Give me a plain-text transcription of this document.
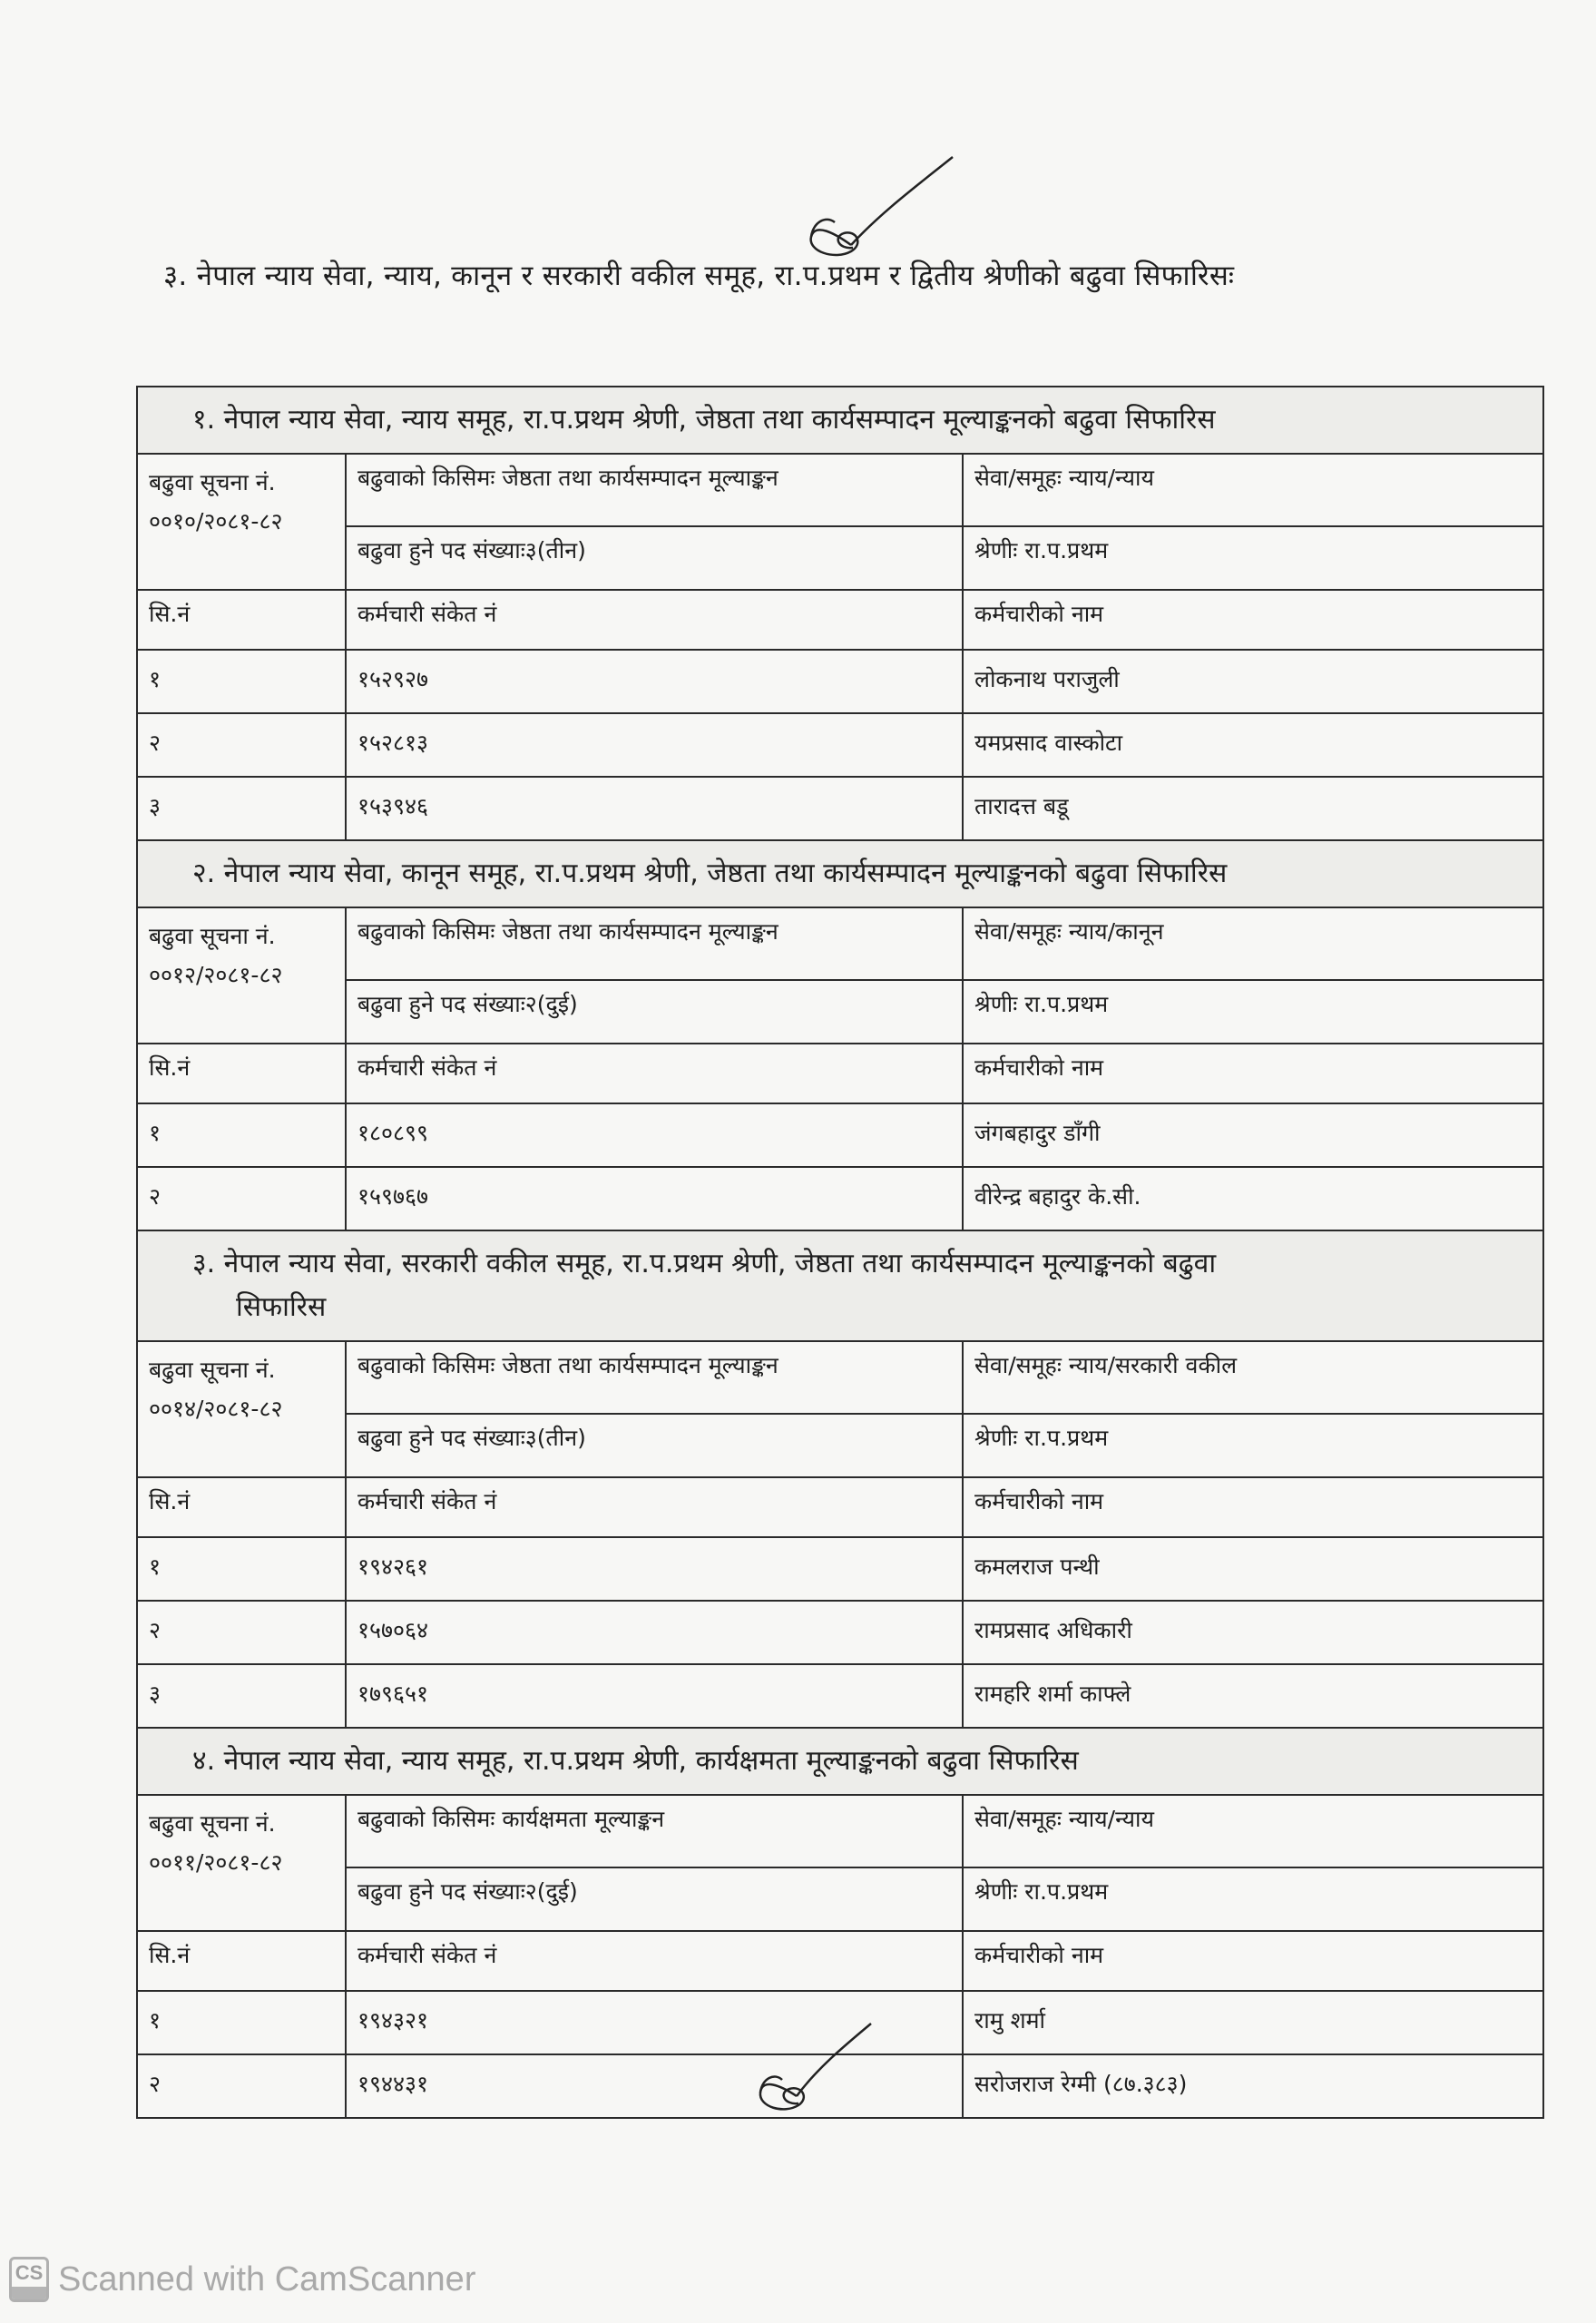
३. नेपाल न्याय सेवा, न्याय, कानून र सरकारी वकील समूह, रा.प.प्रथम र द्वितीय श्रेणीको बढुवा सिफारिसः
१. नेपाल न्याय सेवा, न्याय समूह, रा.प.प्रथम श्रेणी, जेष्ठता तथा कार्यसम्पादन मूल्याङ्कनको बढुवा सिफारिस		
बढुवा सूचना नं.
००१०/२०८१-८२	बढुवाको किसिमः जेष्ठता तथा कार्यसम्पादन मूल्याङ्कन	सेवा/समूहः न्याय/न्याय
	बढुवा हुने पद संख्याः३(तीन)	श्रेणीः रा.प.प्रथम
सि.नं	कर्मचारी संकेत नं	कर्मचारीको नाम
१	१५२९२७	लोकनाथ पराजुली
२	१५२८१३	यमप्रसाद वास्कोटा
३	१५३९४६	तारादत्त बडू
२. नेपाल न्याय सेवा, कानून समूह, रा.प.प्रथम श्रेणी, जेष्ठता तथा कार्यसम्पादन मूल्याङ्कनको बढुवा सिफारिस		
बढुवा सूचना नं.
००१२/२०८१-८२	बढुवाको किसिमः जेष्ठता तथा कार्यसम्पादन मूल्याङ्कन	सेवा/समूहः न्याय/कानून
	बढुवा हुने पद संख्याः२(दुई)	श्रेणीः रा.प.प्रथम
सि.नं	कर्मचारी संकेत नं	कर्मचारीको नाम
१	१८०८९९	जंगबहादुर डाँगी
२	१५९७६७	वीरेन्द्र बहादुर के.सी.
३. नेपाल न्याय सेवा, सरकारी वकील समूह, रा.प.प्रथम श्रेणी, जेष्ठता तथा कार्यसम्पादन मूल्याङ्कनको बढुवा
सिफारिस		

बढुवा सूचना नं.
००१४/२०८१-८२	बढुवाको किसिमः जेष्ठता तथा कार्यसम्पादन मूल्याङ्कन	सेवा/समूहः न्याय/सरकारी वकील
	बढुवा हुने पद संख्याः३(तीन)	श्रेणीः रा.प.प्रथम
सि.नं	कर्मचारी संकेत नं	कर्मचारीको नाम
१	१९४२६१	कमलराज पन्थी
२	१५७०६४	रामप्रसाद अधिकारी
३	१७९६५१	रामहरि शर्मा काफ्ले
४. नेपाल न्याय सेवा, न्याय समूह, रा.प.प्रथम श्रेणी, कार्यक्षमता मूल्याङ्कनको बढुवा सिफारिस		
बढुवा सूचना नं.
००११/२०८१-८२	बढुवाको किसिमः कार्यक्षमता मूल्याङ्कन	सेवा/समूहः न्याय/न्याय
	बढुवा हुने पद संख्याः२(दुई)	श्रेणीः रा.प.प्रथम
सि.नं	कर्मचारी संकेत नं	कर्मचारीको नाम
१	१९४३२१	रामु शर्मा
२	१९४४३१	सरोजराज रेग्मी (८७.३८३)
CS Scanned with CamScanner
